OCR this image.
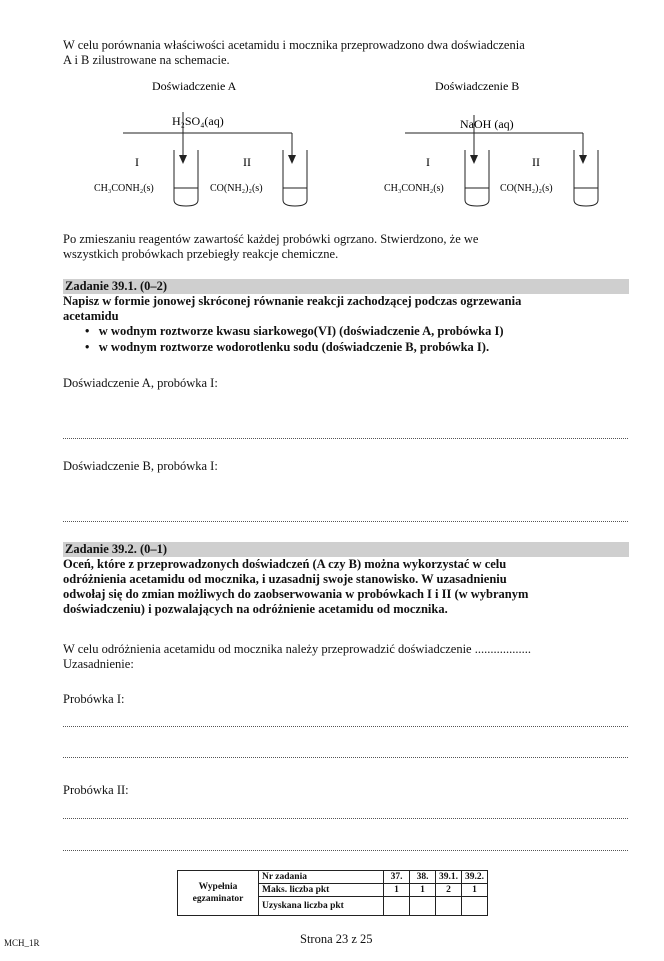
W celu porównania właściwości acetamidu i mocznika przeprowadzono dwa doświadczenia
A i B zilustrowane na schemacie.
Doświadczenie A	Doświadczenie B
H₂SO₄(aq)	NaOH (aq)
I	II	I	II
CH₃CONH₂(s)	CO(NH₂)₂(s)	CH₃CONH₂(s)	CO(NH₂)₂(s)
Po zmieszaniu reagentów zawartość każdej probówki ogrzano. Stwierdzono, że we
wszystkich probówkach przebiegły reakcje chemiczne.
Zadanie 39.1. (0–2)
Napisz w formie jonowej skróconej równanie reakcji zachodzącej podczas ogrzewania
acetamidu
•   w wodnym roztworze kwasu siarkowego(VI) (doświadczenie A, probówka I)
•   w wodnym roztworze wodorotlenku sodu (doświadczenie B, probówka I).
Doświadczenie A, probówka I:
Doświadczenie B, probówka I:
Zadanie 39.2. (0–1)
Oceń, które z przeprowadzonych doświadczeń (A czy B) można wykorzystać w celu
odróżnienia acetamidu od mocznika, i uzasadnij swoje stanowisko. W uzasadnieniu
odwołaj się do zmian możliwych do zaobserwowania w probówkach I i II (w wybranym
doświadczeniu) i pozwalających na odróżnienie acetamidu od mocznika.
W celu odróżnienia acetamidu od mocznika należy przeprowadzić doświadczenie ..................
Uzasadnienie:
Probówka I:
Probówka II:
Wypełnia
egzaminator	Nr zadania	37.	38.	39.1.	39.2.
	Maks. liczba pkt	1	1	2	1
	Uzyskana liczba pkt				
MCH_1R	Strona 23 z 25
